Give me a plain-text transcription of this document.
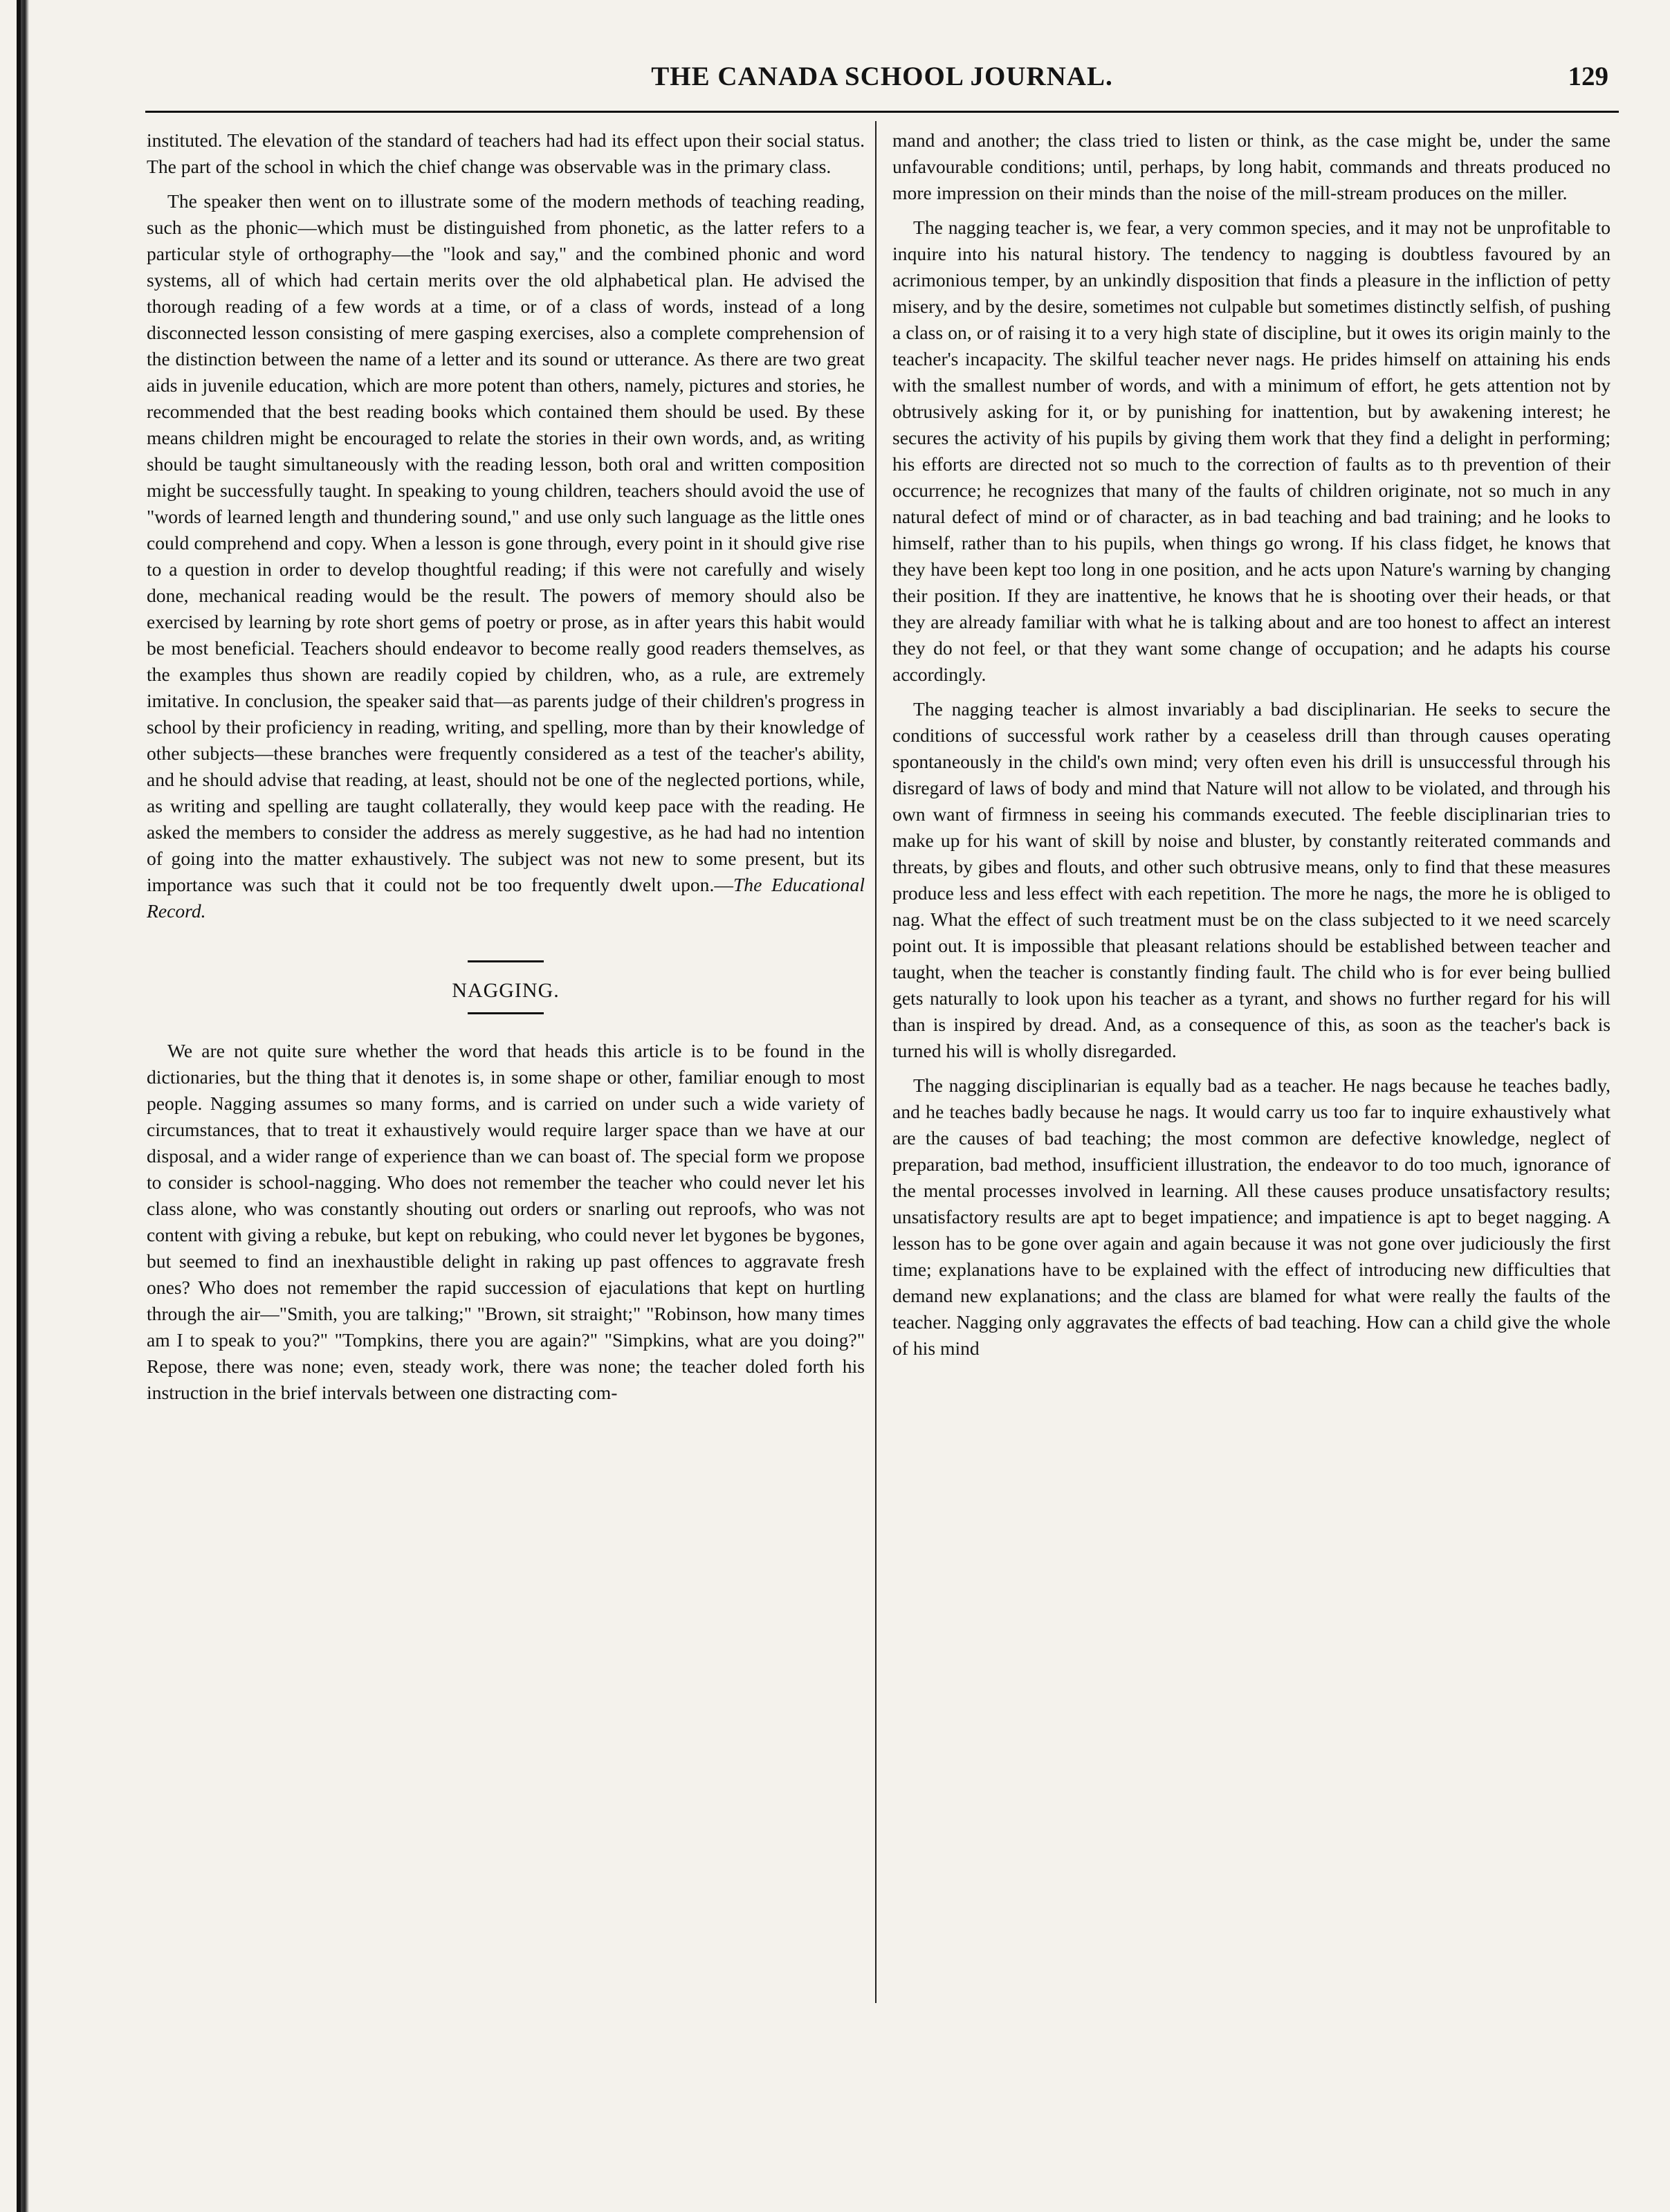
THE CANADA SCHOOL JOURNAL.	129

instituted. The elevation of the standard of teachers had had its effect upon their social status. The part of the school in which the chief change was observable was in the primary class.

The speaker then went on to illustrate some of the modern methods of teaching reading, such as the phonic—which must be distinguished from phonetic, as the latter refers to a particular style of orthography—the "look and say," and the combined phonic and word systems, all of which had certain merits over the old alphabetical plan. He advised the thorough reading of a few words at a time, or of a class of words, instead of a long disconnected lesson consisting of mere gasping exercises, also a complete comprehension of the distinction between the name of a letter and its sound or utterance. As there are two great aids in juvenile education, which are more potent than others, namely, pictures and stories, he recommended that the best reading books which contained them should be used. By these means children might be encouraged to relate the stories in their own words, and, as writing should be taught simultaneously with the reading lesson, both oral and written composition might be successfully taught. In speaking to young children, teachers should avoid the use of "words of learned length and thundering sound," and use only such language as the little ones could comprehend and copy. When a lesson is gone through, every point in it should give rise to a question in order to develop thoughtful reading; if this were not carefully and wisely done, mechanical reading would be the result. The powers of memory should also be exercised by learning by rote short gems of poetry or prose, as in after years this habit would be most beneficial. Teachers should endeavor to become really good readers themselves, as the examples thus shown are readily copied by children, who, as a rule, are extremely imitative. In conclusion, the speaker said that—as parents judge of their children's progress in school by their proficiency in reading, writing, and spelling, more than by their knowledge of other subjects—these branches were frequently considered as a test of the teacher's ability, and he should advise that reading, at least, should not be one of the neglected portions, while, as writing and spelling are taught collaterally, they would keep pace with the reading. He asked the members to consider the address as merely suggestive, as he had had no intention of going into the matter exhaustively. The subject was not new to some present, but its importance was such that it could not be too frequently dwelt upon.—The Educational Record.

NAGGING.

We are not quite sure whether the word that heads this article is to be found in the dictionaries, but the thing that it denotes is, in some shape or other, familiar enough to most people. Nagging assumes so many forms, and is carried on under such a wide variety of circumstances, that to treat it exhaustively would require larger space than we have at our disposal, and a wider range of experience than we can boast of. The special form we propose to consider is school-nagging. Who does not remember the teacher who could never let his class alone, who was constantly shouting out orders or snarling out reproofs, who was not content with giving a rebuke, but kept on rebuking, who could never let bygones be bygones, but seemed to find an inexhaustible delight in raking up past offences to aggravate fresh ones? Who does not remember the rapid succession of ejaculations that kept on hurtling through the air—"Smith, you are talking;" "Brown, sit straight;" "Robinson, how many times am I to speak to you?" "Tompkins, there you are again?" "Simpkins, what are you doing?" Repose, there was none; even, steady work, there was none; the teacher doled forth his instruction in the brief intervals between one distracting com-

mand and another; the class tried to listen or think, as the case might be, under the same unfavourable conditions; until, perhaps, by long habit, commands and threats produced no more impression on their minds than the noise of the mill-stream produces on the miller.

The nagging teacher is, we fear, a very common species, and it may not be unprofitable to inquire into his natural history. The tendency to nagging is doubtless favoured by an acrimonious temper, by an unkindly disposition that finds a pleasure in the infliction of petty misery, and by the desire, sometimes not culpable but sometimes distinctly selfish, of pushing a class on, or of raising it to a very high state of discipline, but it owes its origin mainly to the teacher's incapacity. The skilful teacher never nags. He prides himself on attaining his ends with the smallest number of words, and with a minimum of effort, he gets attention not by obtrusively asking for it, or by punishing for inattention, but by awakening interest; he secures the activity of his pupils by giving them work that they find a delight in performing; his efforts are directed not so much to the correction of faults as to th prevention of their occurrence; he recognizes that many of the faults of children originate, not so much in any natural defect of mind or of character, as in bad teaching and bad training; and he looks to himself, rather than to his pupils, when things go wrong. If his class fidget, he knows that they have been kept too long in one position, and he acts upon Nature's warning by changing their position. If they are inattentive, he knows that he is shooting over their heads, or that they are already familiar with what he is talking about and are too honest to affect an interest they do not feel, or that they want some change of occupation; and he adapts his course accordingly.

The nagging teacher is almost invariably a bad disciplinarian. He seeks to secure the conditions of successful work rather by a ceaseless drill than through causes operating spontaneously in the child's own mind; very often even his drill is unsuccessful through his disregard of laws of body and mind that Nature will not allow to be violated, and through his own want of firmness in seeing his commands executed. The feeble disciplinarian tries to make up for his want of skill by noise and bluster, by constantly reiterated commands and threats, by gibes and flouts, and other such obtrusive means, only to find that these measures produce less and less effect with each repetition. The more he nags, the more he is obliged to nag. What the effect of such treatment must be on the class subjected to it we need scarcely point out. It is impossible that pleasant relations should be established between teacher and taught, when the teacher is constantly finding fault. The child who is for ever being bullied gets naturally to look upon his teacher as a tyrant, and shows no further regard for his will than is inspired by dread. And, as a consequence of this, as soon as the teacher's back is turned his will is wholly disregarded.

The nagging disciplinarian is equally bad as a teacher. He nags because he teaches badly, and he teaches badly because he nags. It would carry us too far to inquire exhaustively what are the causes of bad teaching; the most common are defective knowledge, neglect of preparation, bad method, insufficient illustration, the endeavor to do too much, ignorance of the mental processes involved in learning. All these causes produce unsatisfactory results; unsatisfactory results are apt to beget impatience; and impatience is apt to beget nagging. A lesson has to be gone over again and again because it was not gone over judiciously the first time; explanations have to be explained with the effect of introducing new difficulties that demand new explanations; and the class are blamed for what were really the faults of the teacher. Nagging only aggravates the effects of bad teaching. How can a child give the whole of his mind
